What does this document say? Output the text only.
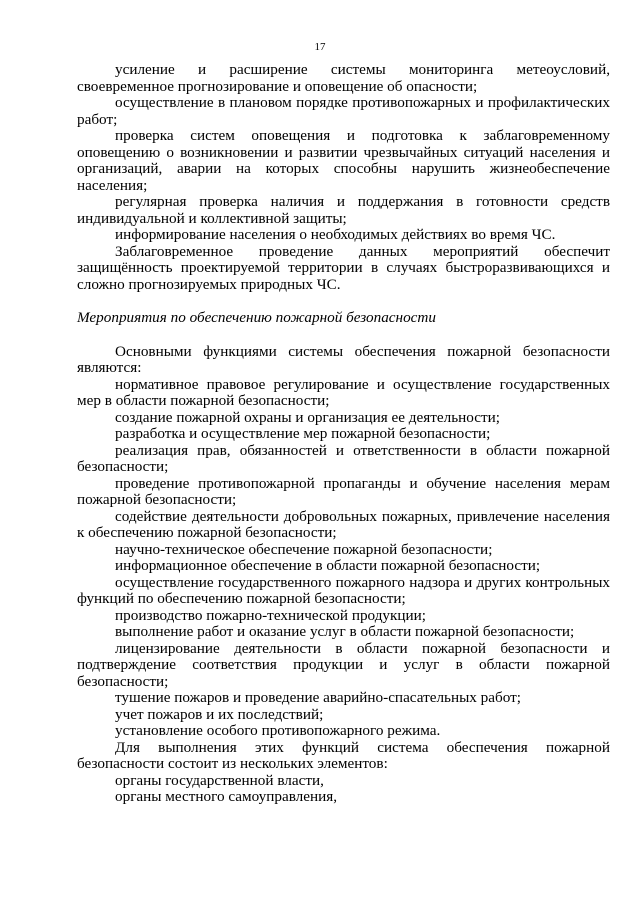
17

усиление и расширение системы мониторинга метеоусловий, своевременное прогнозирование и оповещение об опасности;

осуществление в плановом порядке противопожарных и профилактических работ;

проверка систем оповещения и подготовка к заблаговременному оповещению о возникновении и развитии чрезвычайных ситуаций населения и организаций, аварии на которых способны нарушить жизнеобеспечение населения;

регулярная проверка наличия и поддержания в готовности средств индивидуальной и коллективной защиты;

информирование населения о необходимых действиях во время ЧС.

Заблаговременное проведение данных мероприятий обеспечит защищённость проектируемой территории в случаях быстроразвивающихся и сложно прогнозируемых природных ЧС.

Мероприятия по обеспечению пожарной безопасности

Основными функциями системы обеспечения пожарной безопасности являются:

нормативное правовое регулирование и осуществление государственных мер в области пожарной безопасности;

создание пожарной охраны и организация ее деятельности;

разработка и осуществление мер пожарной безопасности;

реализация прав, обязанностей и ответственности в области пожарной безопасности;

проведение противопожарной пропаганды и обучение населения мерам пожарной безопасности;

содействие деятельности добровольных пожарных, привлечение населения к обеспечению пожарной безопасности;

научно-техническое обеспечение пожарной безопасности;

информационное обеспечение в области пожарной безопасности;

осуществление государственного пожарного надзора и других контрольных функций по обеспечению пожарной безопасности;

производство пожарно-технической продукции;

выполнение работ и оказание услуг в области пожарной безопасности;

лицензирование деятельности в области пожарной безопасности и подтверждение соответствия продукции и услуг в области пожарной безопасности;

тушение пожаров и проведение аварийно-спасательных работ;

учет пожаров и их последствий;

установление особого противопожарного режима.

Для выполнения этих функций система обеспечения пожарной безопасности состоит из нескольких элементов:

органы государственной власти,

органы местного самоуправления,
